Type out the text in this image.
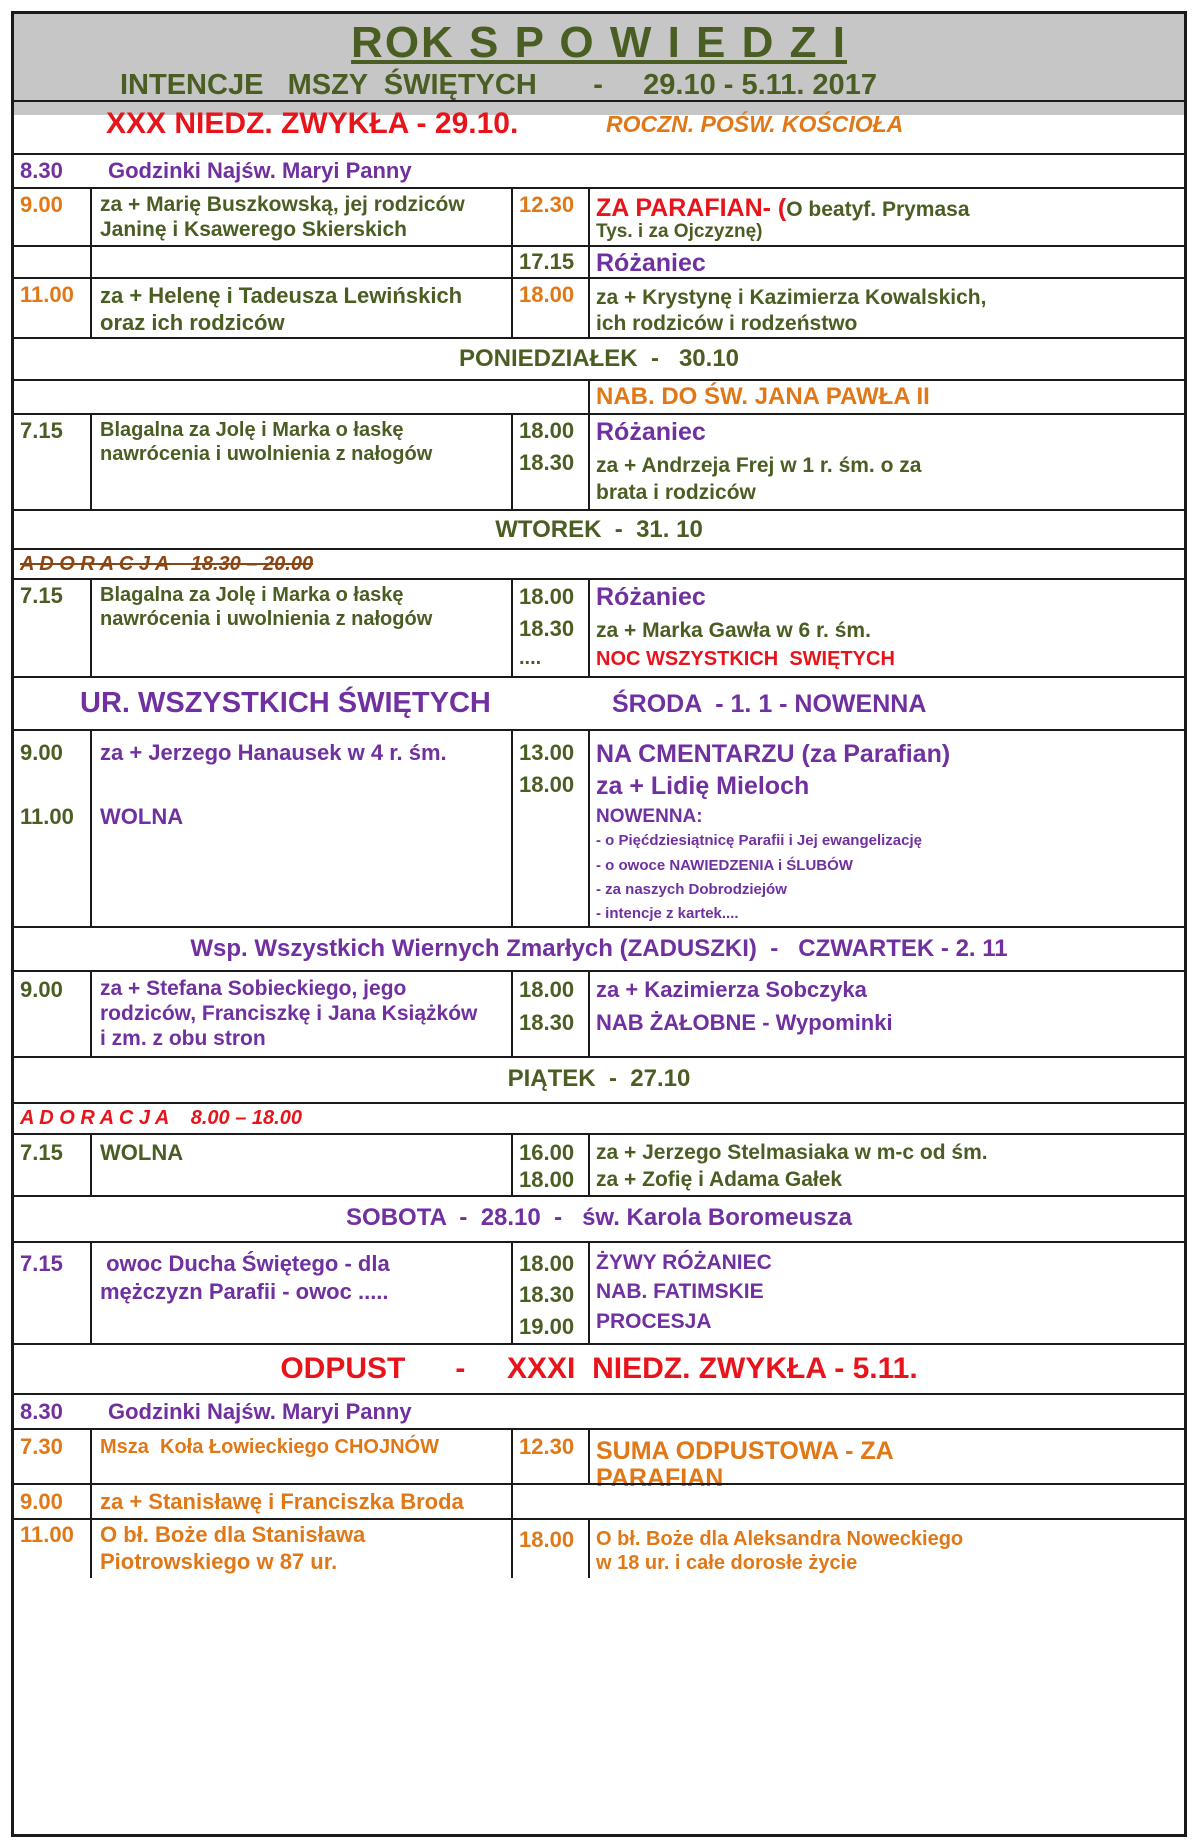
ROK S P O W I E D Z I
INTENCJE   MSZY  ŚWIĘTYCH       -     29.10 - 5.11. 2017
XXX NIEDZ. ZWYKŁA - 29.10.	ROCZN. POŚW. KOŚCIOŁA
8.30 Godzinki Najśw. Maryi Panny
9.00 za + Marię Buszkowską, jej rodziców
Janinę i Ksawerego Skierskich
12.30 ZA PARAFIAN- (O beatyf. Prymasa
Tys. i za Ojczyznę)
17.15 Różaniec
11.00 za + Helenę i Tadeusza Lewińskich
oraz ich rodziców
18.00 za + Krystynę i Kazimierza Kowalskich,
ich rodziców i rodzeństwo
PONIEDZIAŁEK  -   30.10
NAB. DO ŚW. JANA PAWŁA II
7.15 Blagalna za Jolę i Marka o łaskę
nawrócenia i uwolnienia z nałogów
18.00 Różaniec
18.30 za + Andrzeja Frej w 1 r. śm. o za
brata i rodziców
WTOREK  -  31. 10
A D O R A C J A    18.30 – 20.00
7.15 Blagalna za Jolę i Marka o łaskę
nawrócenia i uwolnienia z nałogów
18.00 Różaniec
18.30 za + Marka Gawła w 6 r. śm.
....	NOC WSZYSTKICH  SWIĘTYCH
UR. WSZYSTKICH ŚWIĘTYCH	ŚRODA  - 1. 1 - NOWENNA
9.00 za + Jerzego Hanausek w 4 r. śm.
11.00 WOLNA
13.00 NA CMENTARZU (za Parafian)
18.00 za + Lidię Mieloch
NOWENNA:
- o Pięćdziesiątnicę Parafii i Jej ewangelizację
- o owoce NAWIEDZENIA i ŚLUBÓW
- za naszych Dobrodziejów
- intencje z kartek....
Wsp. Wszystkich Wiernych Zmarłych (ZADUSZKI)  -   CZWARTEK - 2. 11
9.00 za + Stefana Sobieckiego, jego
rodziców, Franciszkę i Jana Książków
i zm. z obu stron
18.00 za + Kazimierza Sobczyka
18.30 NAB ŻAŁOBNE - Wypominki
PIĄTEK  -  27.10
A D O R A C J A    8.00 – 18.00
7.15 WOLNA	16.00 za + Jerzego Stelmasiaka w m-c od śm.
18.00 za + Zofię i Adama Gałek
SOBOTA  -  28.10  -   św. Karola Boromeusza
7.15 owoc Ducha Świętego - dla
mężczyzn Parafii - owoc .....
18.00 ŻYWY RÓŻANIEC
18.30 NAB. FATIMSKIE
19.00 PROCESJA
ODPUST      -     XXXI  NIEDZ. ZWYKŁA - 5.11.
8.30 Godzinki Najśw. Maryi Panny
7.30 Msza  Koła Łowieckiego CHOJNÓW	12.30 SUMA ODPUSTOWA - ZA
PARAFIAN
9.00 za + Stanisławę i Franciszka Broda
11.00 O bł. Boże dla Stanisława
Piotrowskiego w 87 ur.
18.00 O bł. Boże dla Aleksandra Noweckiego
w 18 ur. i całe dorosłe życie
